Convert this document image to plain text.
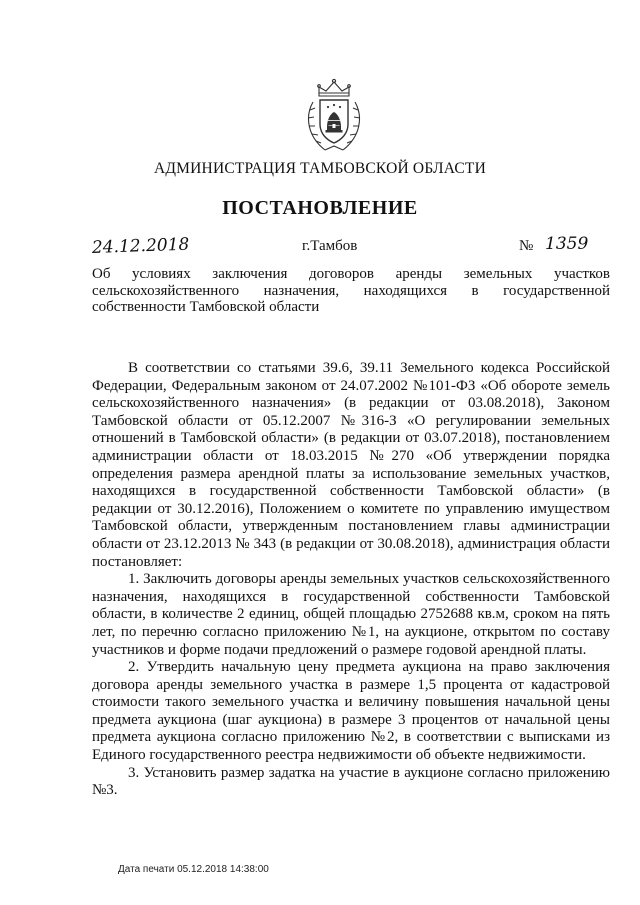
АДМИНИСТРАЦИЯ ТАМБОВСКОЙ ОБЛАСТИ
ПОСТАНОВЛЕНИЕ
24.12.2018	г.Тамбов	№ 1359
Об условиях заключения договоров аренды земельных участков сельскохозяйственного назначения, находящихся в государственной собственности Тамбовской области

В соответствии со статьями 39.6, 39.11 Земельного кодекса Российской Федерации, Федеральным законом от 24.07.2002 №101-ФЗ «Об обороте земель сельскохозяйственного назначения» (в редакции от 03.08.2018), Законом Тамбовской области от 05.12.2007 №316-З «О регулировании земельных отношений в Тамбовской области» (в редакции от 03.07.2018), постановлением администрации области от 18.03.2015 №270 «Об утверждении порядка определения размера арендной платы за использование земельных участков, находящихся в государственной собственности Тамбовской области» (в редакции от 30.12.2016), Положением о комитете по управлению имуществом Тамбовской области, утвержденным постановлением главы администрации области от 23.12.2013 № 343 (в редакции от 30.08.2018), администрация области постановляет:

1. Заключить договоры аренды земельных участков сельскохозяйственного назначения, находящихся в государственной собственности Тамбовской области, в количестве 2 единиц, общей площадью 2752688 кв.м, сроком на пять лет, по перечню согласно приложению №1, на аукционе, открытом по составу участников и форме подачи предложений о размере годовой арендной платы.

2. Утвердить начальную цену предмета аукциона на право заключения договора аренды земельного участка в размере 1,5 процента от кадастровой стоимости такого земельного участка и величину повышения начальной цены предмета аукциона (шаг аукциона) в размере 3 процентов от начальной цены предмета аукциона согласно приложению №2, в соответствии с выписками из Единого государственного реестра недвижимости об объекте недвижимости.

3. Установить размер задатка на участие в аукционе согласно приложению №3.

Дата печати 05.12.2018 14:38:00
